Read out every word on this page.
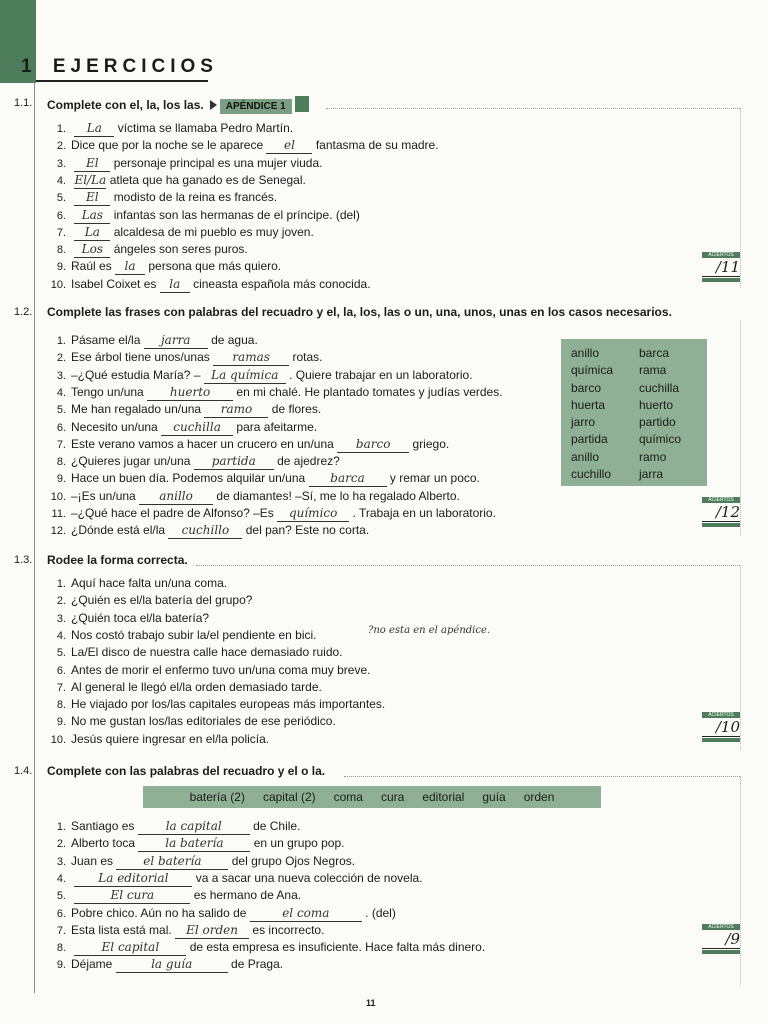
1 EJERCICIOS
1.1. Complete con el, la, los las. APÉNDICE 1
1. La víctima se llamaba Pedro Martín.
2. Dice que por la noche se le aparece el fantasma de su madre.
3. El personaje principal es una mujer viuda.
4. El/La atleta que ha ganado es de Senegal.
5. El modisto de la reina es francés.
6. Las infantas son las hermanas de el príncipe. (del)
7. La alcaldesa de mi pueblo es muy joven.
8. Los ángeles son seres puros.
9. Raúl es la persona que más quiero.
10. Isabel Coixet es la cineasta española más conocida.
ACIERTOS
/11
1.2. Complete las frases con palabras del recuadro y el, la, los, las o un, una, unos, unas en los casos necesarios.
1. Pásame el/la jarra de agua.
2. Ese árbol tiene unos/unas ramas rotas.
3. –¿Qué estudia María? – La química . Quiere trabajar en un laboratorio.
4. Tengo un/una huerto en mi chalé. He plantado tomates y judías verdes.
5. Me han regalado un/una ramo de flores.
6. Necesito un/una cuchilla para afeitarme.
7. Este verano vamos a hacer un crucero en un/una barco griego.
8. ¿Quieres jugar un/una partida de ajedrez?
9. Hace un buen día. Podemos alquilar un/una barca y remar un poco.
10. –¡Es un/una anillo de diamantes! –Sí, me lo ha regalado Alberto.
11. –¿Qué hace el padre de Alfonso? –Es químico . Trabaja en un laboratorio.
12. ¿Dónde está el/la cuchillo del pan? Este no corta.
anillo	barca
química	rama
barco	cuchilla
huerta	huerto
jarro	partido
partida	químico
anillo	ramo
cuchillo	jarra
ACIERTOS
/12
1.3. Rodee la forma correcta.
1. Aquí hace falta un/una coma.
2. ¿Quién es el/la batería del grupo?
3. ¿Quién toca el/la batería?
4. Nos costó trabajo subir la/el pendiente en bici.
5. La/El disco de nuestra calle hace demasiado ruido.
6. Antes de morir el enfermo tuvo un/una coma muy breve.
7. Al general le llegó el/la orden demasiado tarde.
8. He viajado por los/las capitales europeas más importantes.
9. No me gustan los/las editoriales de ese periódico.
10. Jesús quiere ingresar en el/la policía.
?no esta en el apéndice.
ACIERTOS
/10
1.4. Complete con las palabras del recuadro y el o la.
batería (2) capital (2) coma cura editorial guía orden
1. Santiago es	la capital	de Chile.
2. Alberto toca	la batería	en un grupo pop.
3. Juan es	el batería	del grupo Ojos Negros.
4.	La editorial va a sacar una nueva colección de novela.
5.	El cura	es hermano de Ana.
6. Pobre chico. Aún no ha salido de	el coma	. (del)
7. Esta lista está mal. El orden es incorrecto.
8.	El capital	de esta empresa es insuficiente. Hace falta más dinero.
9. Déjame	la guía	de Praga.
ACIERTOS
/9
11
